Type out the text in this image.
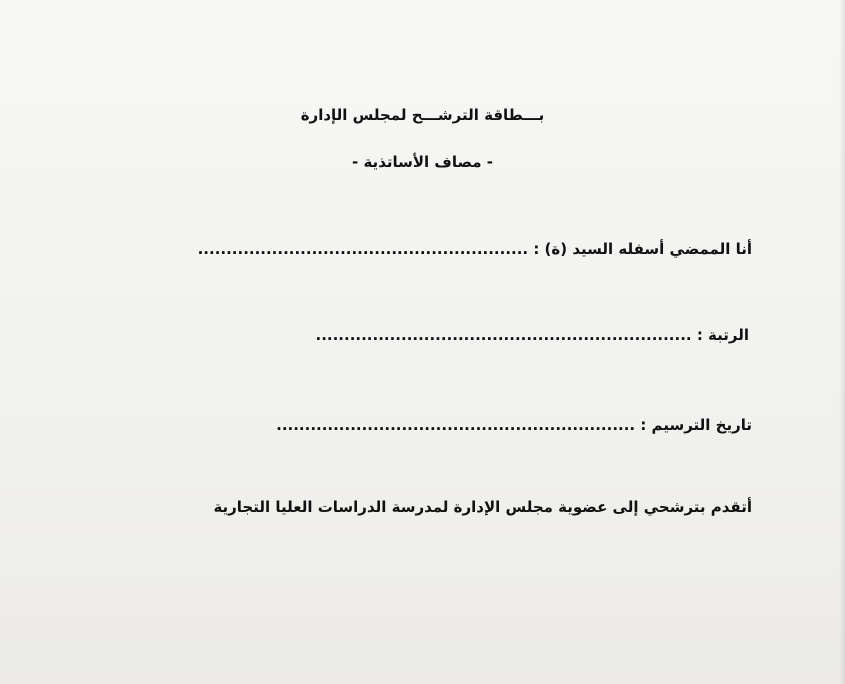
بـــطاقة الترشـــح لمجلس الإدارة
- مصاف الأساتذية -
أنا الممضي أسفله السيد (ة) : ..........................................................
الرتبة : ..................................................................
تاريخ الترسيم : ...............................................................
أتقدم بترشحي إلى عضوية مجلس الإدارة لمدرسة الدراسات العليا التجارية
